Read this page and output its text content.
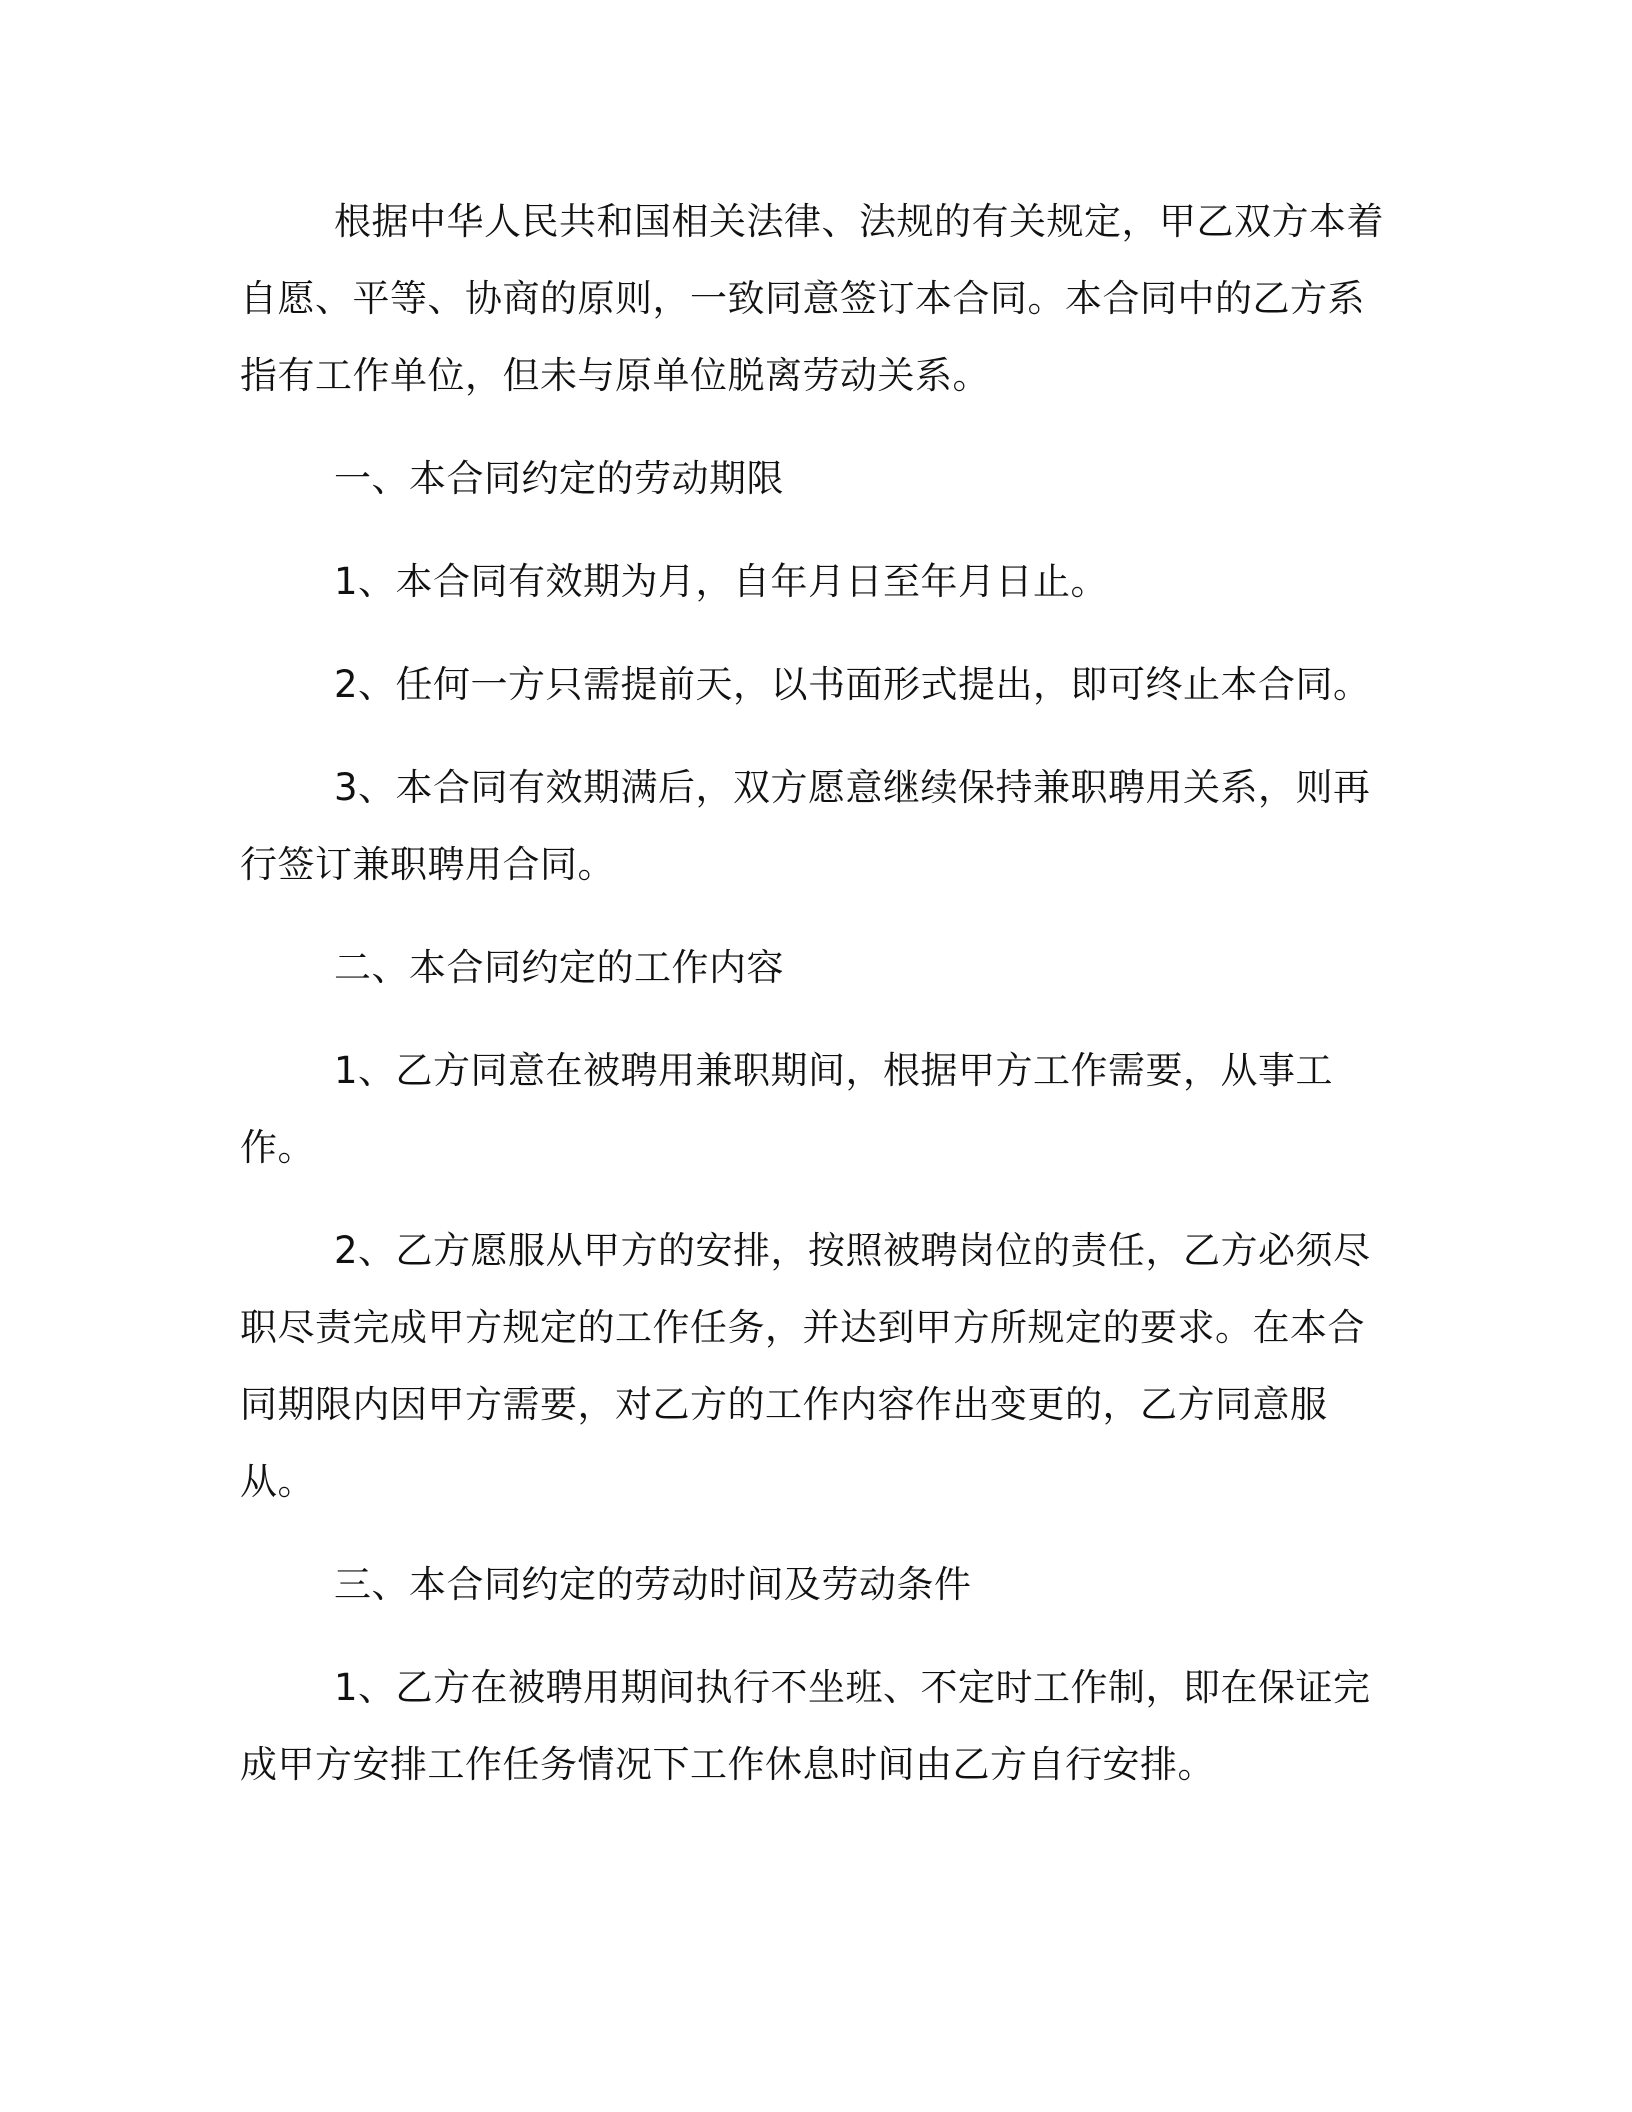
根据中华人民共和国相关法律、法规的有关规定，甲乙双方本着自愿、平等、协商的原则，一致同意签订本合同。本合同中的乙方系指有工作单位，但未与原单位脱离劳动关系。

一、本合同约定的劳动期限

1、本合同有效期为月，自年月日至年月日止。

2、任何一方只需提前天，以书面形式提出，即可终止本合同。

3、本合同有效期满后，双方愿意继续保持兼职聘用关系，则再行签订兼职聘用合同。

二、本合同约定的工作内容

1、乙方同意在被聘用兼职期间，根据甲方工作需要，从事工作。

2、乙方愿服从甲方的安排，按照被聘岗位的责任，乙方必须尽职尽责完成甲方规定的工作任务，并达到甲方所规定的要求。在本合同期限内因甲方需要，对乙方的工作内容作出变更的，乙方同意服从。

三、本合同约定的劳动时间及劳动条件

1、乙方在被聘用期间执行不坐班、不定时工作制，即在保证完成甲方安排工作任务情况下工作休息时间由乙方自行安排。
